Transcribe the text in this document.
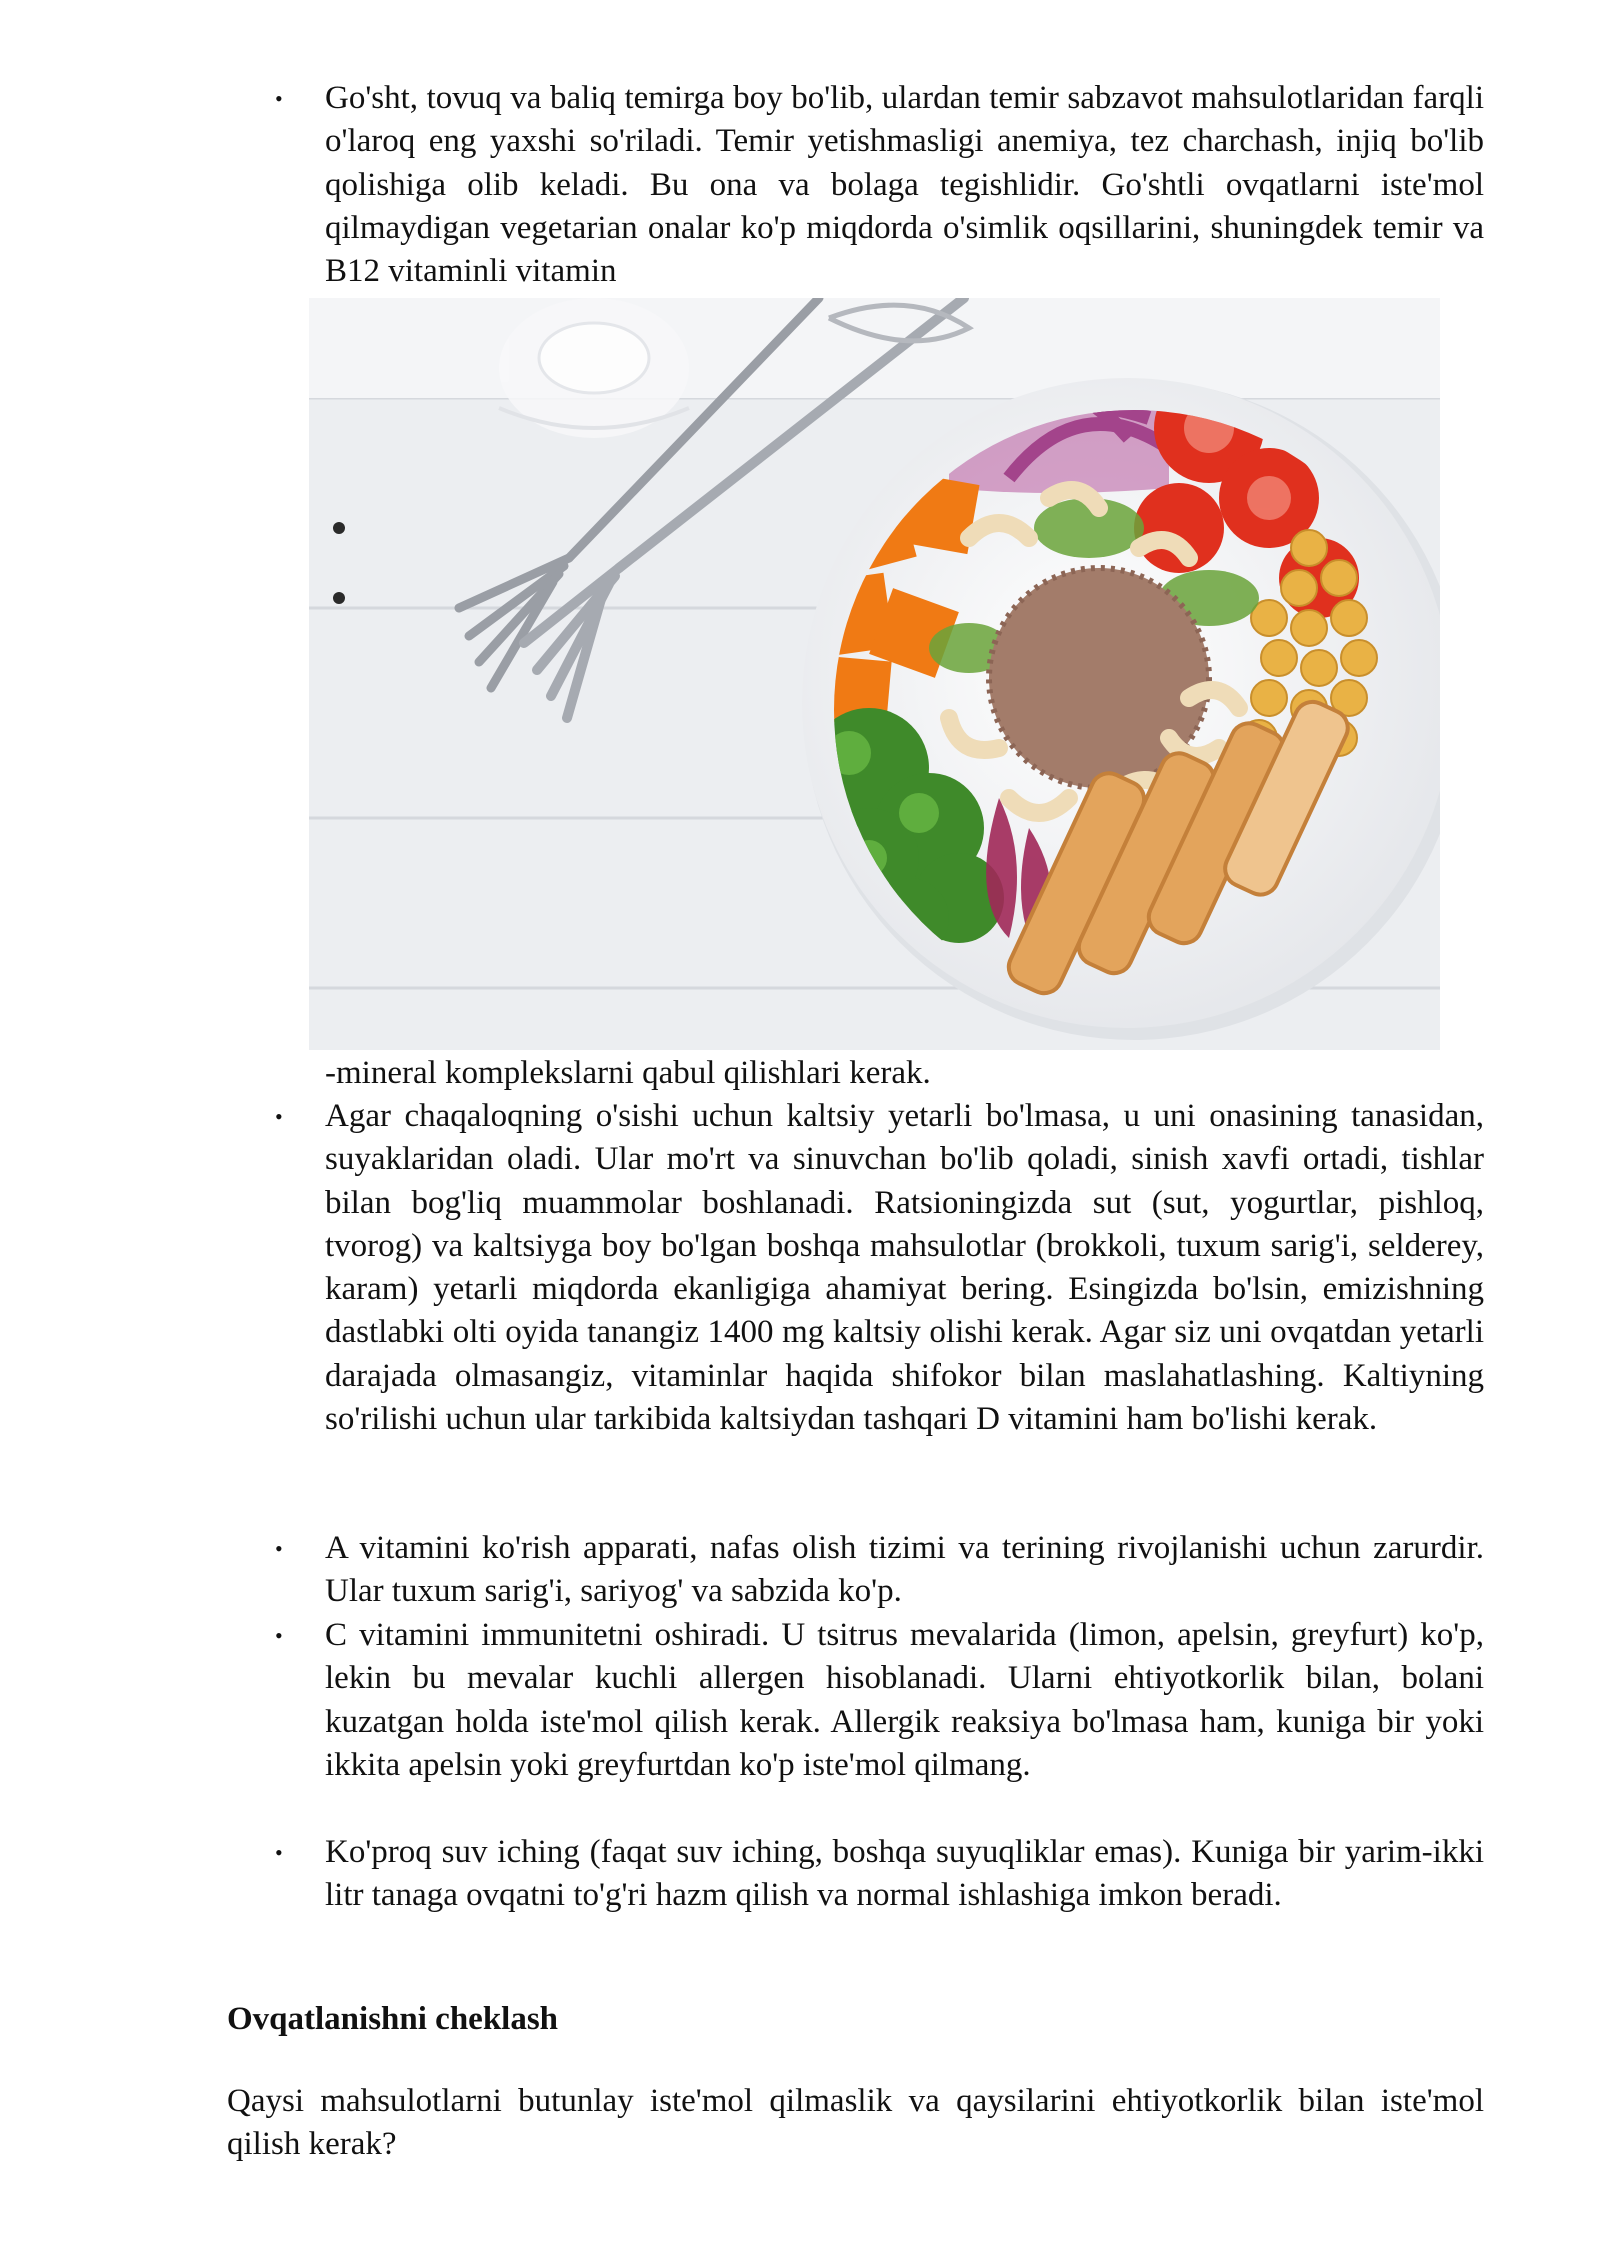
• Go'sht, tovuq va baliq temirga boy bo'lib, ulardan temir sabzavot mahsulotlaridan farqli o'laroq eng yaxshi so'riladi. Temir yetishmasligi anemiya, tez charchash, injiq bo'lib qolishiga olib keladi. Bu ona va bolaga tegishlidir. Go'shtli ovqatlarni iste'mol qilmaydigan vegetarian onalar ko'p miqdorda o'simlik oqsillarini, shuningdek temir va B12 vitaminli vitamin

• Agar chaqaloqning o'sishi uchun kaltsiy yetarli bo'lmasa, u uni onasining tanasidan, suyaklaridan oladi. Ular mo'rt va sinuvchan bo'lib qoladi, sinish xavfi ortadi, tishlar bilan bog'liq muammolar boshlanadi. Ratsioningizda sut (sut, yogurtlar, pishloq, tvorog) va kaltsiyga boy bo'lgan boshqa mahsulotlar (brokkoli, tuxum sarig'i, selderey, karam) yetarli miqdorda ekanligiga ahamiyat bering. Esingizda bo'lsin, emizishning dastlabki olti oyida tanangiz 1400 mg kaltsiy olishi kerak. Agar siz uni ovqatdan yetarli darajada olmasangiz, vitaminlar haqida shifokor bilan maslahatlashing. Kaltiyning so'rilishi uchun ular tarkibida kaltsiydan tashqari D vitamini ham bo'lishi kerak.

• A vitamini ko'rish apparati, nafas olish tizimi va terining rivojlanishi uchun zarurdir. Ular tuxum sarig'i, sariyog' va sabzida ko'p.

• C vitamini immunitetni oshiradi. U tsitrus mevalarida (limon, apelsin, greyfurt) ko'p, lekin bu mevalar kuchli allergen hisoblanadi. Ularni ehtiyotkorlik bilan, bolani kuzatgan holda iste'mol qilish kerak. Allergik reaksiya bo'lmasa ham, kuniga bir yoki ikkita apelsin yoki greyfurtdan ko'p iste'mol qilmang.

• Ko'proq suv iching (faqat suv iching, boshqa suyuqliklar emas). Kuniga bir yarim-ikki litr tanaga ovqatni to'g'ri hazm qilish va normal ishlashiga imkon beradi.

-mineral komplekslarni qabul qilishlari kerak.

Ovqatlanishni cheklash

Qaysi mahsulotlarni butunlay iste'mol qilmaslik va qaysilarini ehtiyotkorlik bilan iste'mol qilish kerak?
